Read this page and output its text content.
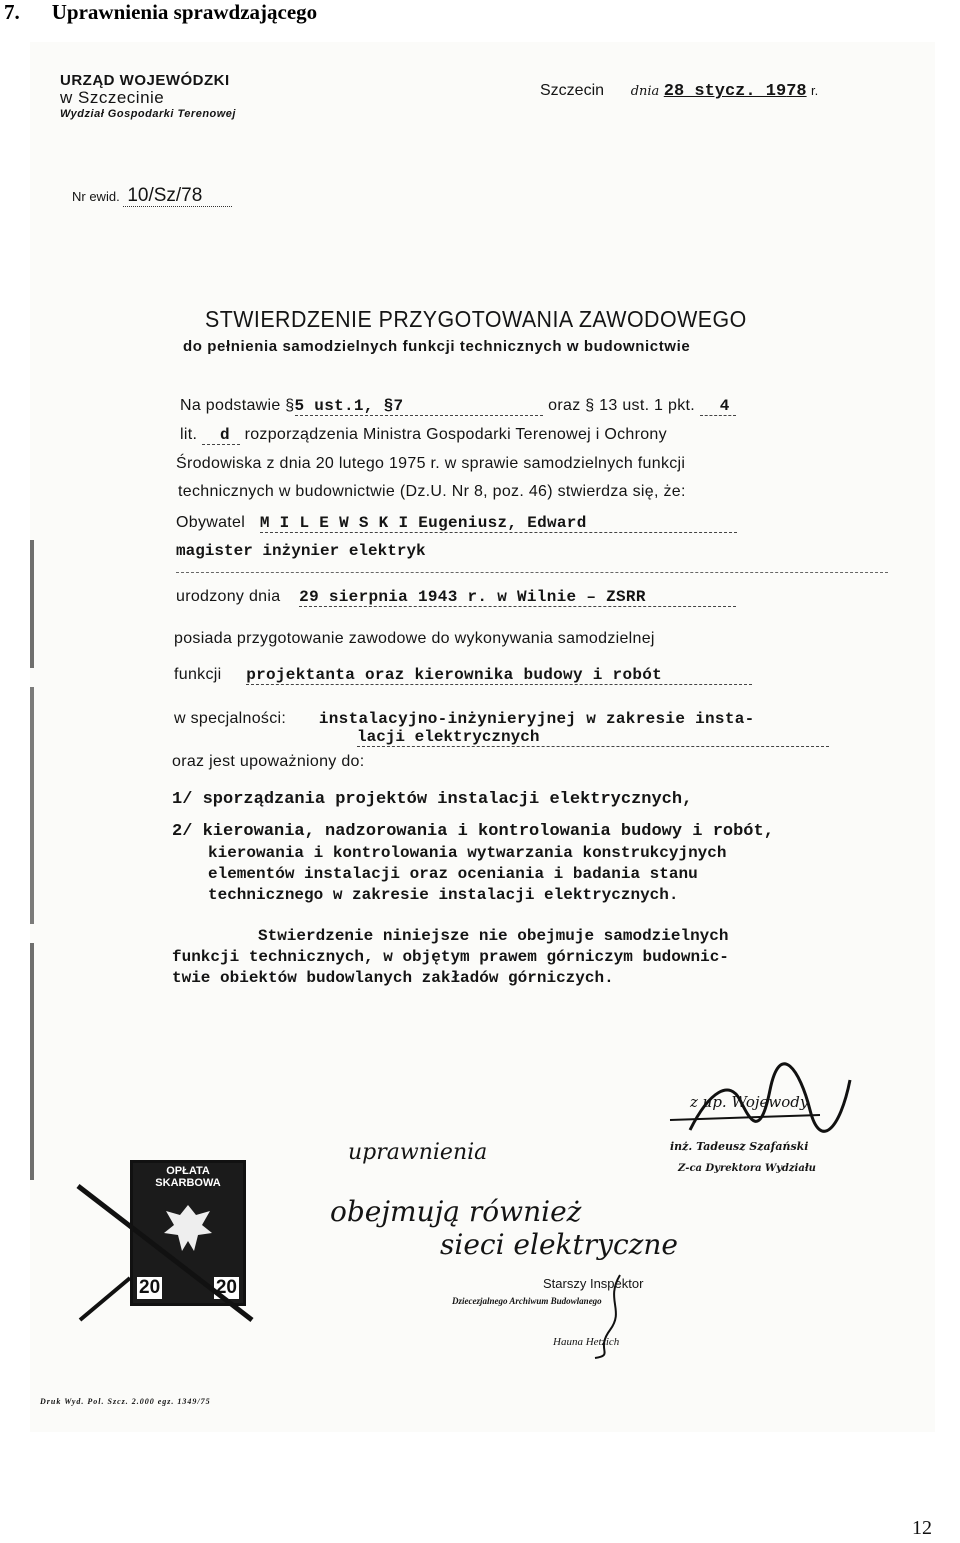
7. Uprawnienia sprawdzającego
URZĄD WOJEWÓDZKI
w Szczecinie
Wydział Gospodarki Terenowej
Szczecin dnia 28 stycz. 1978 r.
Nr ewid. 10/Sz/78
STWIERDZENIE PRZYGOTOWANIA ZAWODOWEGO
do pełnienia samodzielnych funkcji technicznych w budownictwie
Na podstawie §5 ust.1, §7	oraz § 13 ust. 1 pkt. 4
lit. d rozporządzenia Ministra Gospodarki Terenowej i Ochrony
Środowiska z dnia 20 lutego 1975 r. w sprawie samodzielnych funkcji
technicznych w budownictwie (Dz.U. Nr 8, poz. 46) stwierdza się, że:
Obywatel M I L E W S K I Eugeniusz, Edward
magister inżynier elektryk
urodzony dnia 29 sierpnia 1943 r. w Wilnie – ZSRR
posiada przygotowanie zawodowe do wykonywania samodzielnej
funkcji projektanta oraz kierownika budowy i robót
w specjalności: instalacyjno-inżynieryjnej w zakresie insta-
lacji elektrycznych
oraz jest upoważniony do:
1/ sporządzania projektów instalacji elektrycznych,
2/ kierowania, nadzorowania i kontrolowania budowy i robót,
kierowania i kontrolowania wytwarzania konstrukcyjnych
elementów instalacji oraz oceniania i badania stanu
technicznego w zakresie instalacji elektrycznych.
Stwierdzenie niniejsze nie obejmuje samodzielnych
funkcji technicznych, w objętym prawem górniczym budownic-
twie obiektów budowlanych zakładów górniczych.
z up. Wojewody
inż. Tadeusz Szafański
Z-ca Dyrektora Wydziału
uprawnienia
obejmują również
sieci elektryczne
OPŁATA SKARBOWA
20	20	Starszy Inspektor
Dziecezjalnego Archiwum Budowlanego
Hauna Hetzich
Druk Wyd. Pol. Szcz. 2.000 egz. 1349/75
12
